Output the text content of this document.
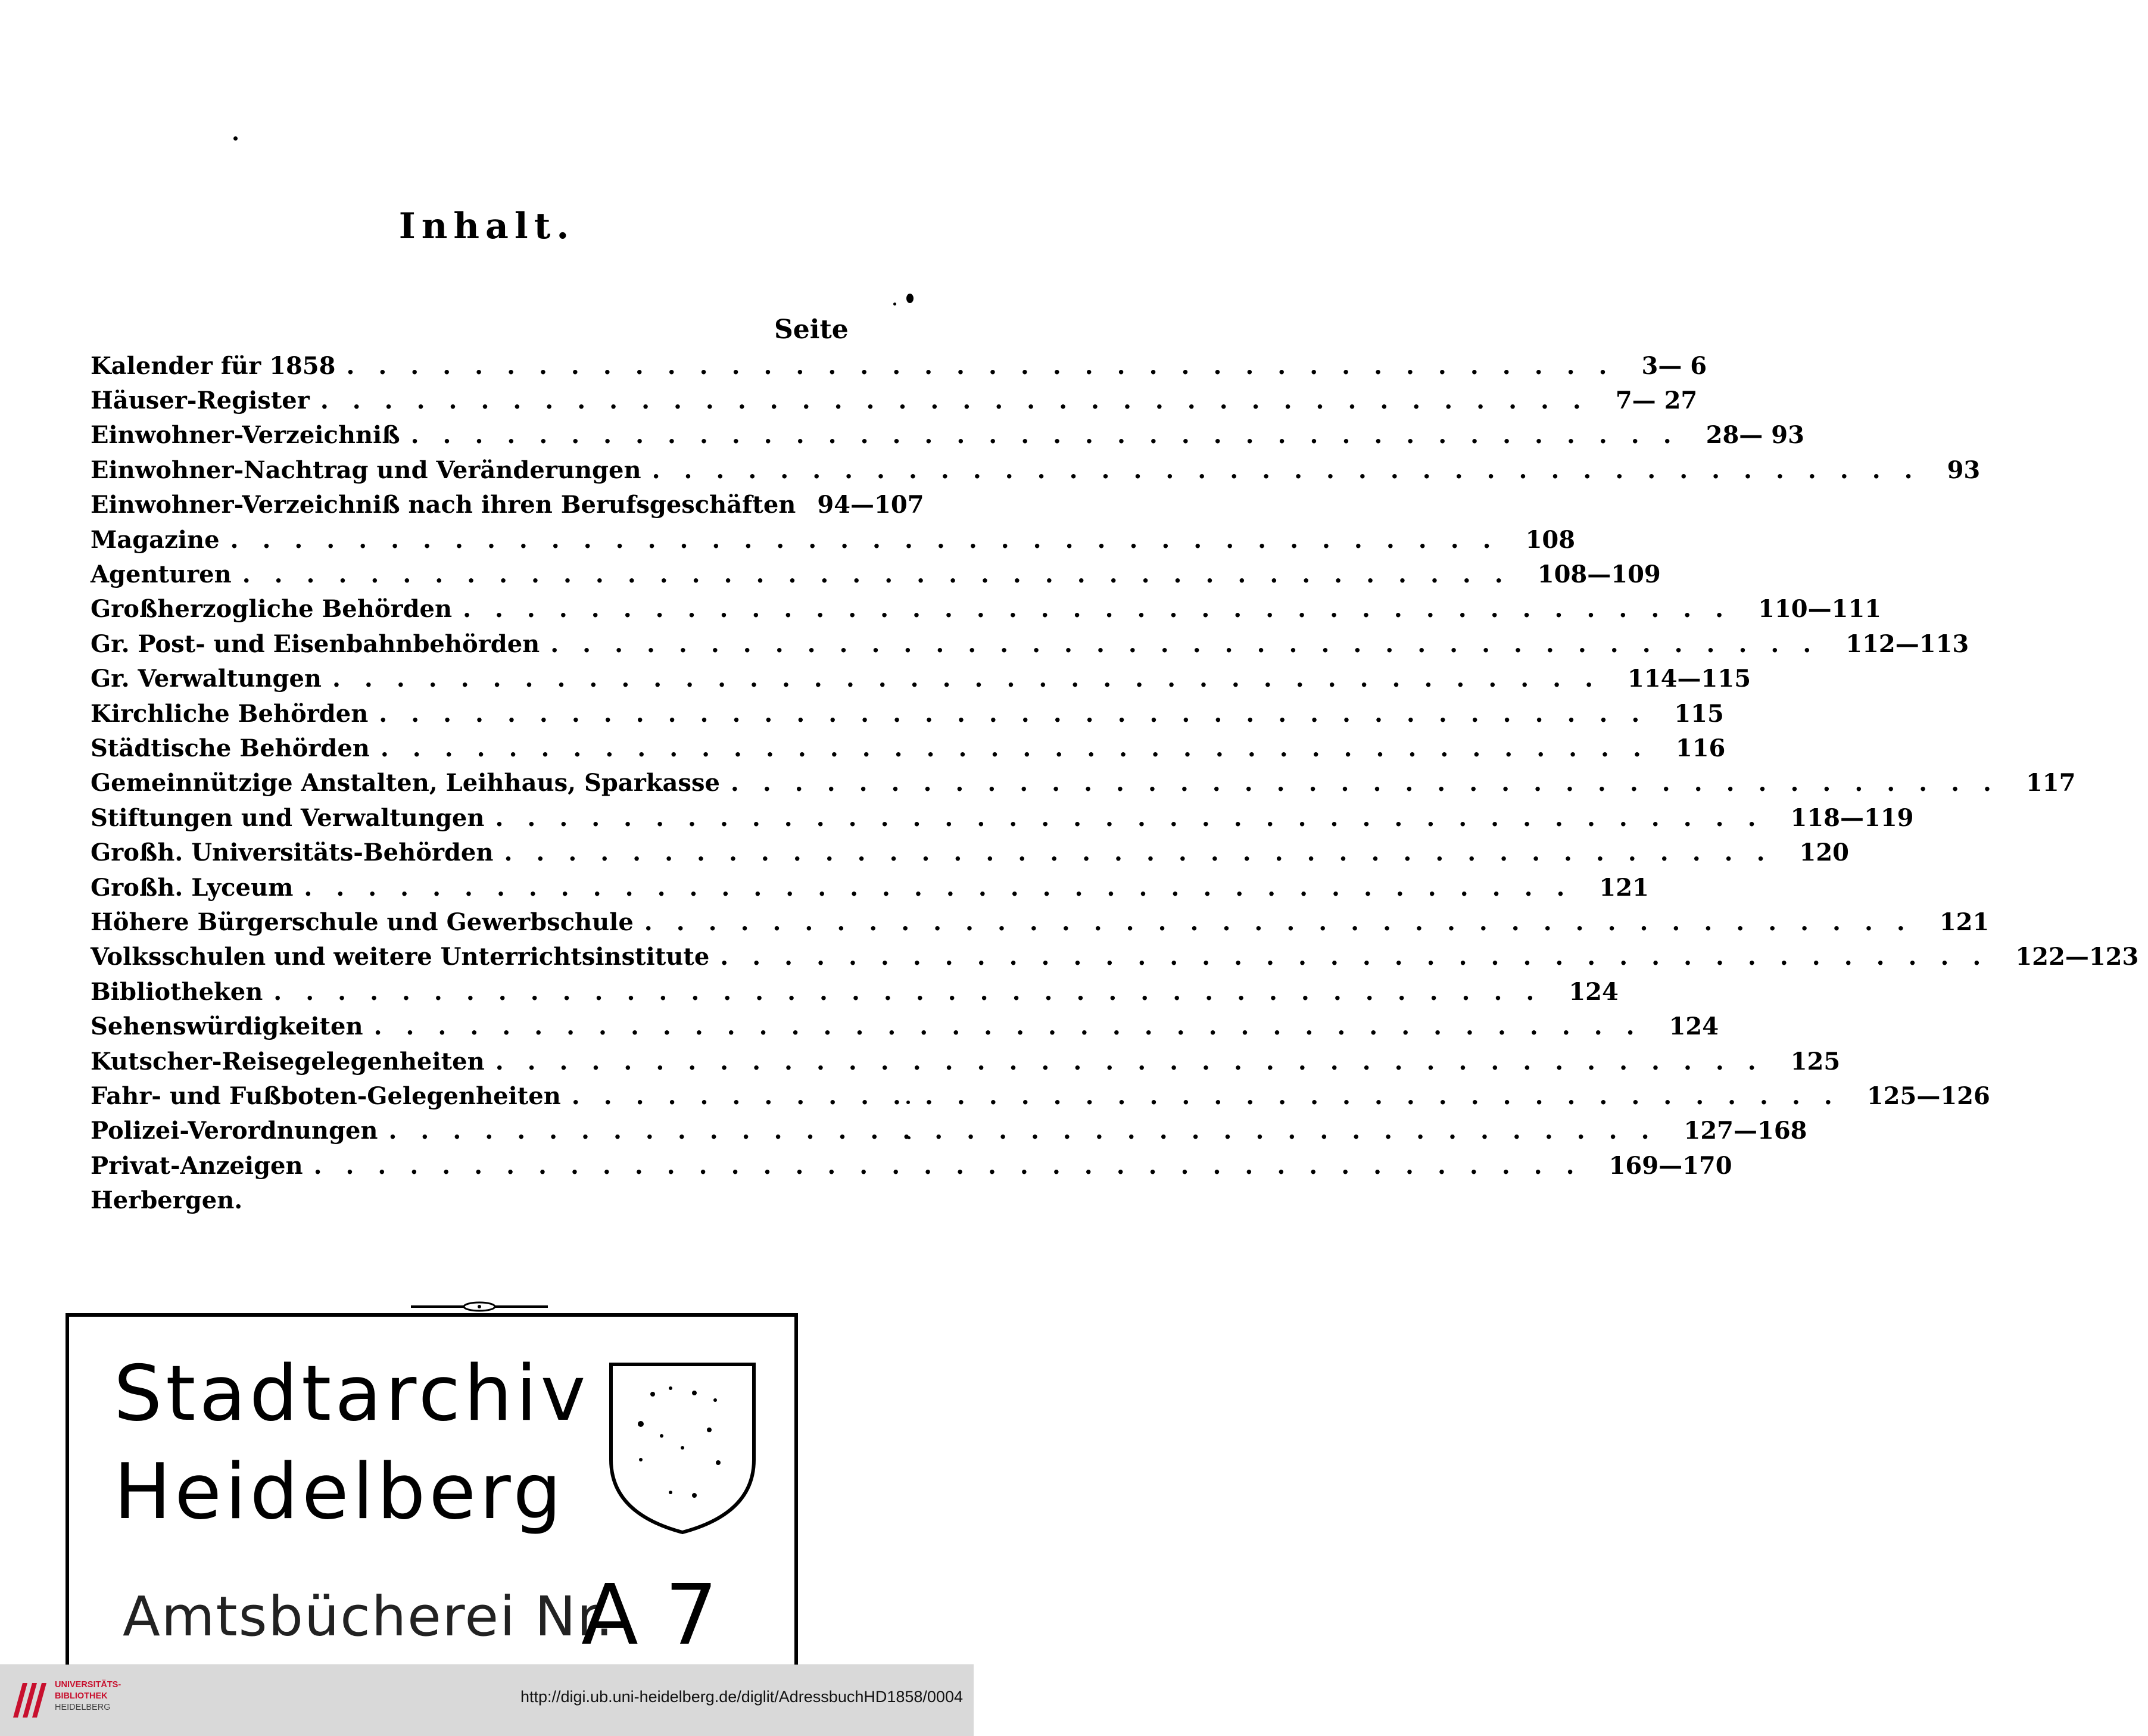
Inhalt.
Seite
Kalender für 1858 ........................................ 3— 6
Häuser-Register ........................................ 7— 27
Einwohner-Verzeichniß ........................................ 28— 93
Einwohner-Nachtrag und Veränderungen ........................................ 93
Einwohner-Verzeichniß nach ihren Berufsgeschäften 94—107
Magazine ........................................ 108
Agenturen ........................................ 108—109
Großherzogliche Behörden ........................................ 110—111
Gr. Post- und Eisenbahnbehörden ........................................ 112—113
Gr. Verwaltungen ........................................ 114—115
Kirchliche Behörden ........................................ 115
Städtische Behörden ........................................ 116
Gemeinnützige Anstalten, Leihhaus, Sparkasse ........................................ 117
Stiftungen und Verwaltungen ........................................ 118—119
Großh. Universitäts-Behörden ........................................ 120
Großh. Lyceum ........................................ 121
Höhere Bürgerschule und Gewerbschule ........................................ 121
Volksschulen und weitere Unterrichtsinstitute ........................................ 122—123
Bibliotheken ........................................ 124
Sehenswürdigkeiten ........................................ 124
Kutscher-Reisegelegenheiten ........................................ 125
Fahr- und Fußboten-Gelegenheiten ........................................ 125—126
Polizei-Verordnungen ........................................ 127—168
Privat-Anzeigen ........................................ 169—170
Herbergen.
Stadtarchiv
Heidelberg
Amtsbücherei Nr.
A 7
UNIVERSITÄTS-
BIBLIOTHEK
HEIDELBERG
http://digi.ub.uni-heidelberg.de/diglit/AdressbuchHD1858/0004
